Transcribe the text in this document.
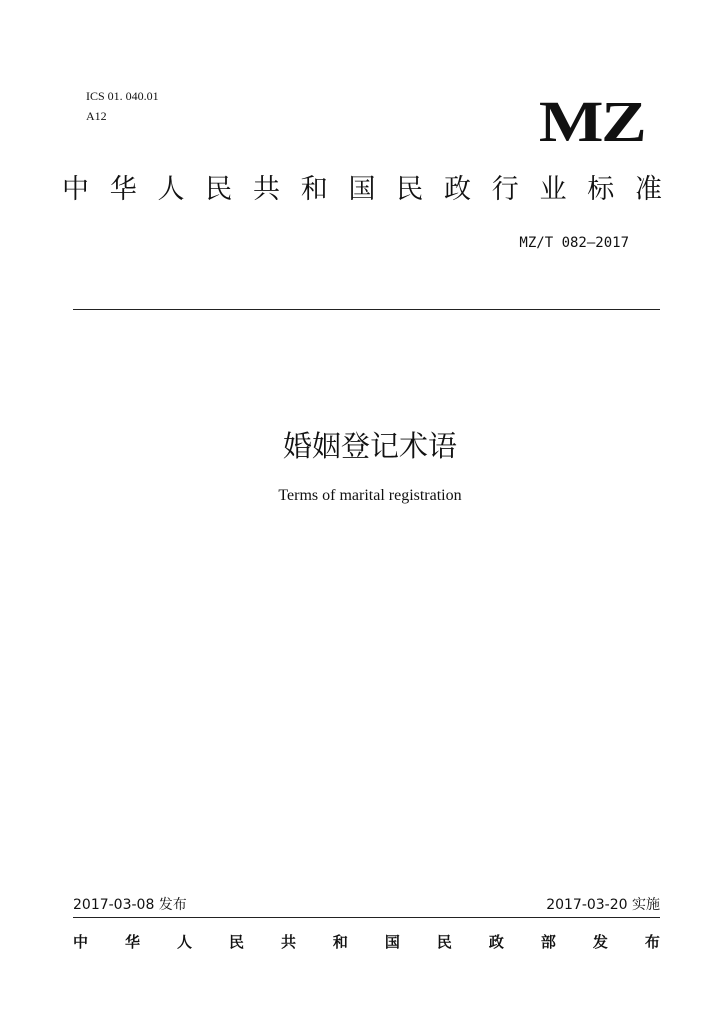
ICS 01. 040.01
A12	MZ
中 华 人 民 共 和 国 民 政 行 业 标 准
MZ/T 082—2017
婚姻登记术语
Terms of marital registration
2017-03-08 发布	2017-03-20 实施
中 华 人 民 共 和 国 民 政 部 发 布
